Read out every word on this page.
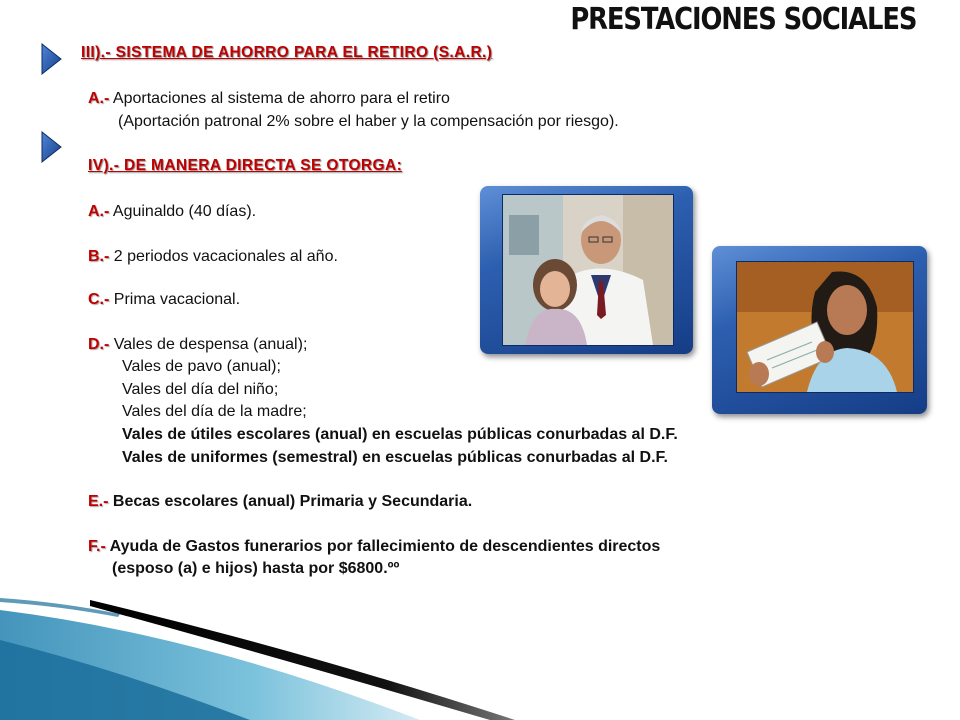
PRESTACIONES SOCIALES
III).- SISTEMA DE AHORRO PARA EL RETIRO (S.A.R.)
A.- Aportaciones al sistema de ahorro para el retiro
(Aportación patronal 2% sobre el haber y la compensación por riesgo).
IV).- DE MANERA DIRECTA SE OTORGA:
A.- Aguinaldo (40 días).
B.- 2 periodos vacacionales al año.
C.- Prima vacacional.
D.- Vales de despensa (anual);
Vales de pavo (anual);
Vales del día del niño;
Vales del día de la madre;
Vales de útiles escolares (anual) en escuelas públicas conurbadas al D.F.
Vales de uniformes (semestral) en escuelas públicas conurbadas al D.F.
E.- Becas escolares (anual) Primaria y Secundaria.
F.- Ayuda de Gastos funerarios por fallecimiento de descendientes directos
(esposo (a) e hijos) hasta por $6800.ºº
